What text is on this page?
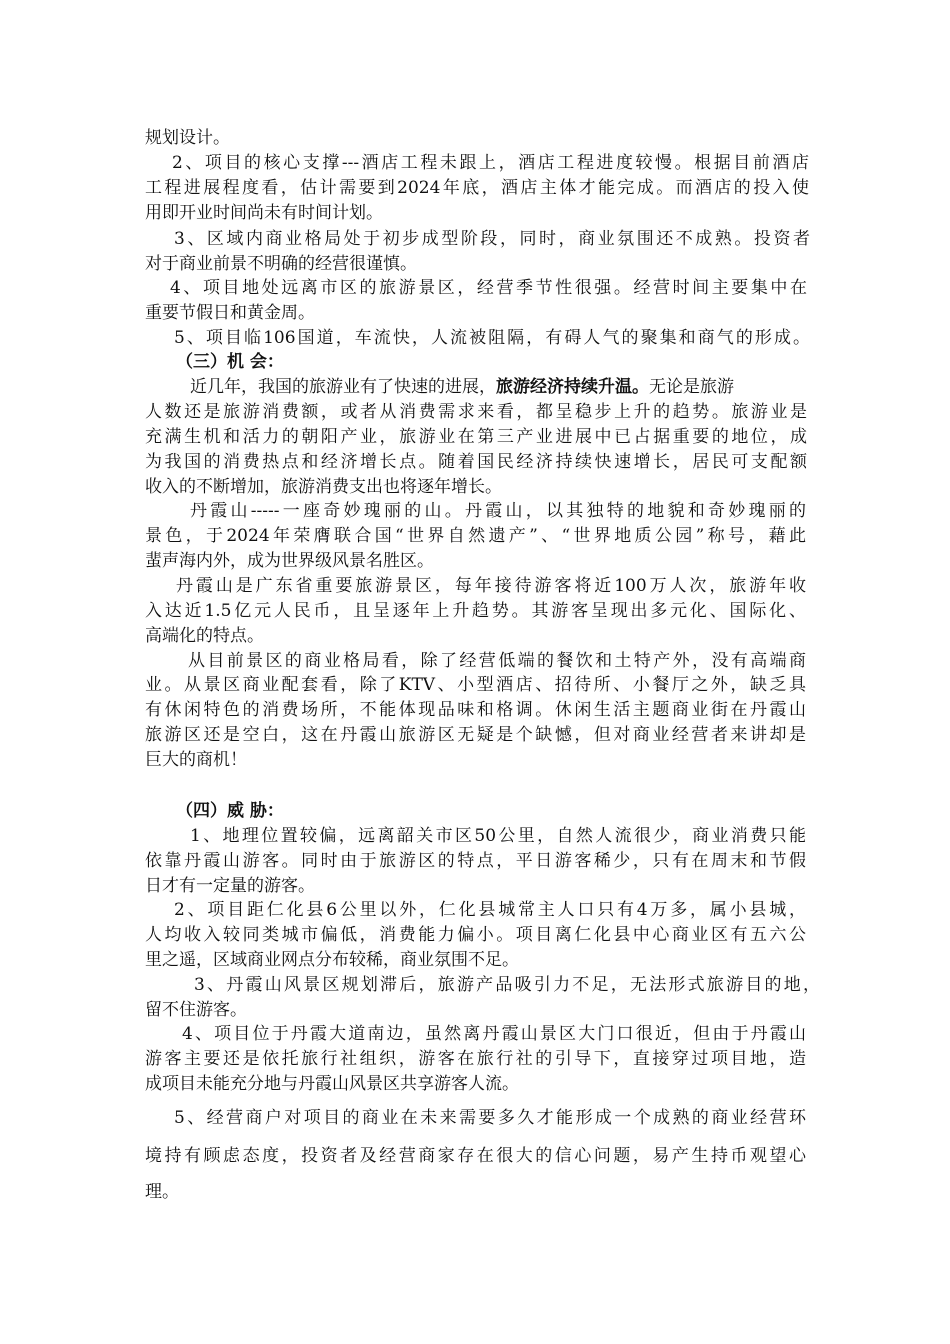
规划设计。
2、项目的核心支撑---酒店工程未跟上，酒店工程进度较慢。根据目前酒店
工程进展程度看，估计需要到2024年底，酒店主体才能完成。而酒店的投入使
用即开业时间尚未有时间计划。
3、区域内商业格局处于初步成型阶段，同时，商业氛围还不成熟。投资者
对于商业前景不明确的经营很谨慎。
4、项目地处远离市区的旅游景区，经营季节性很强。经营时间主要集中在
重要节假日和黄金周。
5、项目临106国道，车流快，人流被阻隔，有碍人气的聚集和商气的形成。
（三）机 会：
近几年，我国的旅游业有了快速的进展，旅游经济持续升温。无论是旅游
人数还是旅游消费额，或者从消费需求来看，都呈稳步上升的趋势。旅游业是
充满生机和活力的朝阳产业，旅游业在第三产业进展中已占据重要的地位，成
为我国的消费热点和经济增长点。随着国民经济持续快速增长，居民可支配额
收入的不断增加，旅游消费支出也将逐年增长。
丹霞山-----一座奇妙瑰丽的山。丹霞山，以其独特的地貌和奇妙瑰丽的
景色，于2024年荣膺联合国“世界自然遗产”、“世界地质公园”称号，藉此
蜚声海内外，成为世界级风景名胜区。
丹霞山是广东省重要旅游景区，每年接待游客将近100万人次，旅游年收
入达近1.5亿元人民币，且呈逐年上升趋势。其游客呈现出多元化、国际化、
高端化的特点。
从目前景区的商业格局看，除了经营低端的餐饮和土特产外，没有高端商
业。从景区商业配套看，除了KTV、小型酒店、招待所、小餐厅之外，缺乏具
有休闲特色的消费场所，不能体现品味和格调。休闲生活主题商业街在丹霞山
旅游区还是空白，这在丹霞山旅游区无疑是个缺憾，但对商业经营者来讲却是
巨大的商机！
（四）威 胁：
1、地理位置较偏，远离韶关市区50公里，自然人流很少，商业消费只能
依靠丹霞山游客。同时由于旅游区的特点，平日游客稀少，只有在周末和节假
日才有一定量的游客。
2、项目距仁化县6公里以外，仁化县城常主人口只有4万多，属小县城，
人均收入较同类城市偏低，消费能力偏小。项目离仁化县中心商业区有五六公
里之遥，区域商业网点分布较稀，商业氛围不足。
3、丹霞山风景区规划滞后，旅游产品吸引力不足，无法形式旅游目的地，
留不住游客。
4、项目位于丹霞大道南边，虽然离丹霞山景区大门口很近，但由于丹霞山
游客主要还是依托旅行社组织，游客在旅行社的引导下，直接穿过项目地，造
成项目未能充分地与丹霞山风景区共享游客人流。
5、经营商户对项目的商业在未来需要多久才能形成一个成熟的商业经营环
境持有顾虑态度，投资者及经营商家存在很大的信心问题，易产生持币观望心
理。
